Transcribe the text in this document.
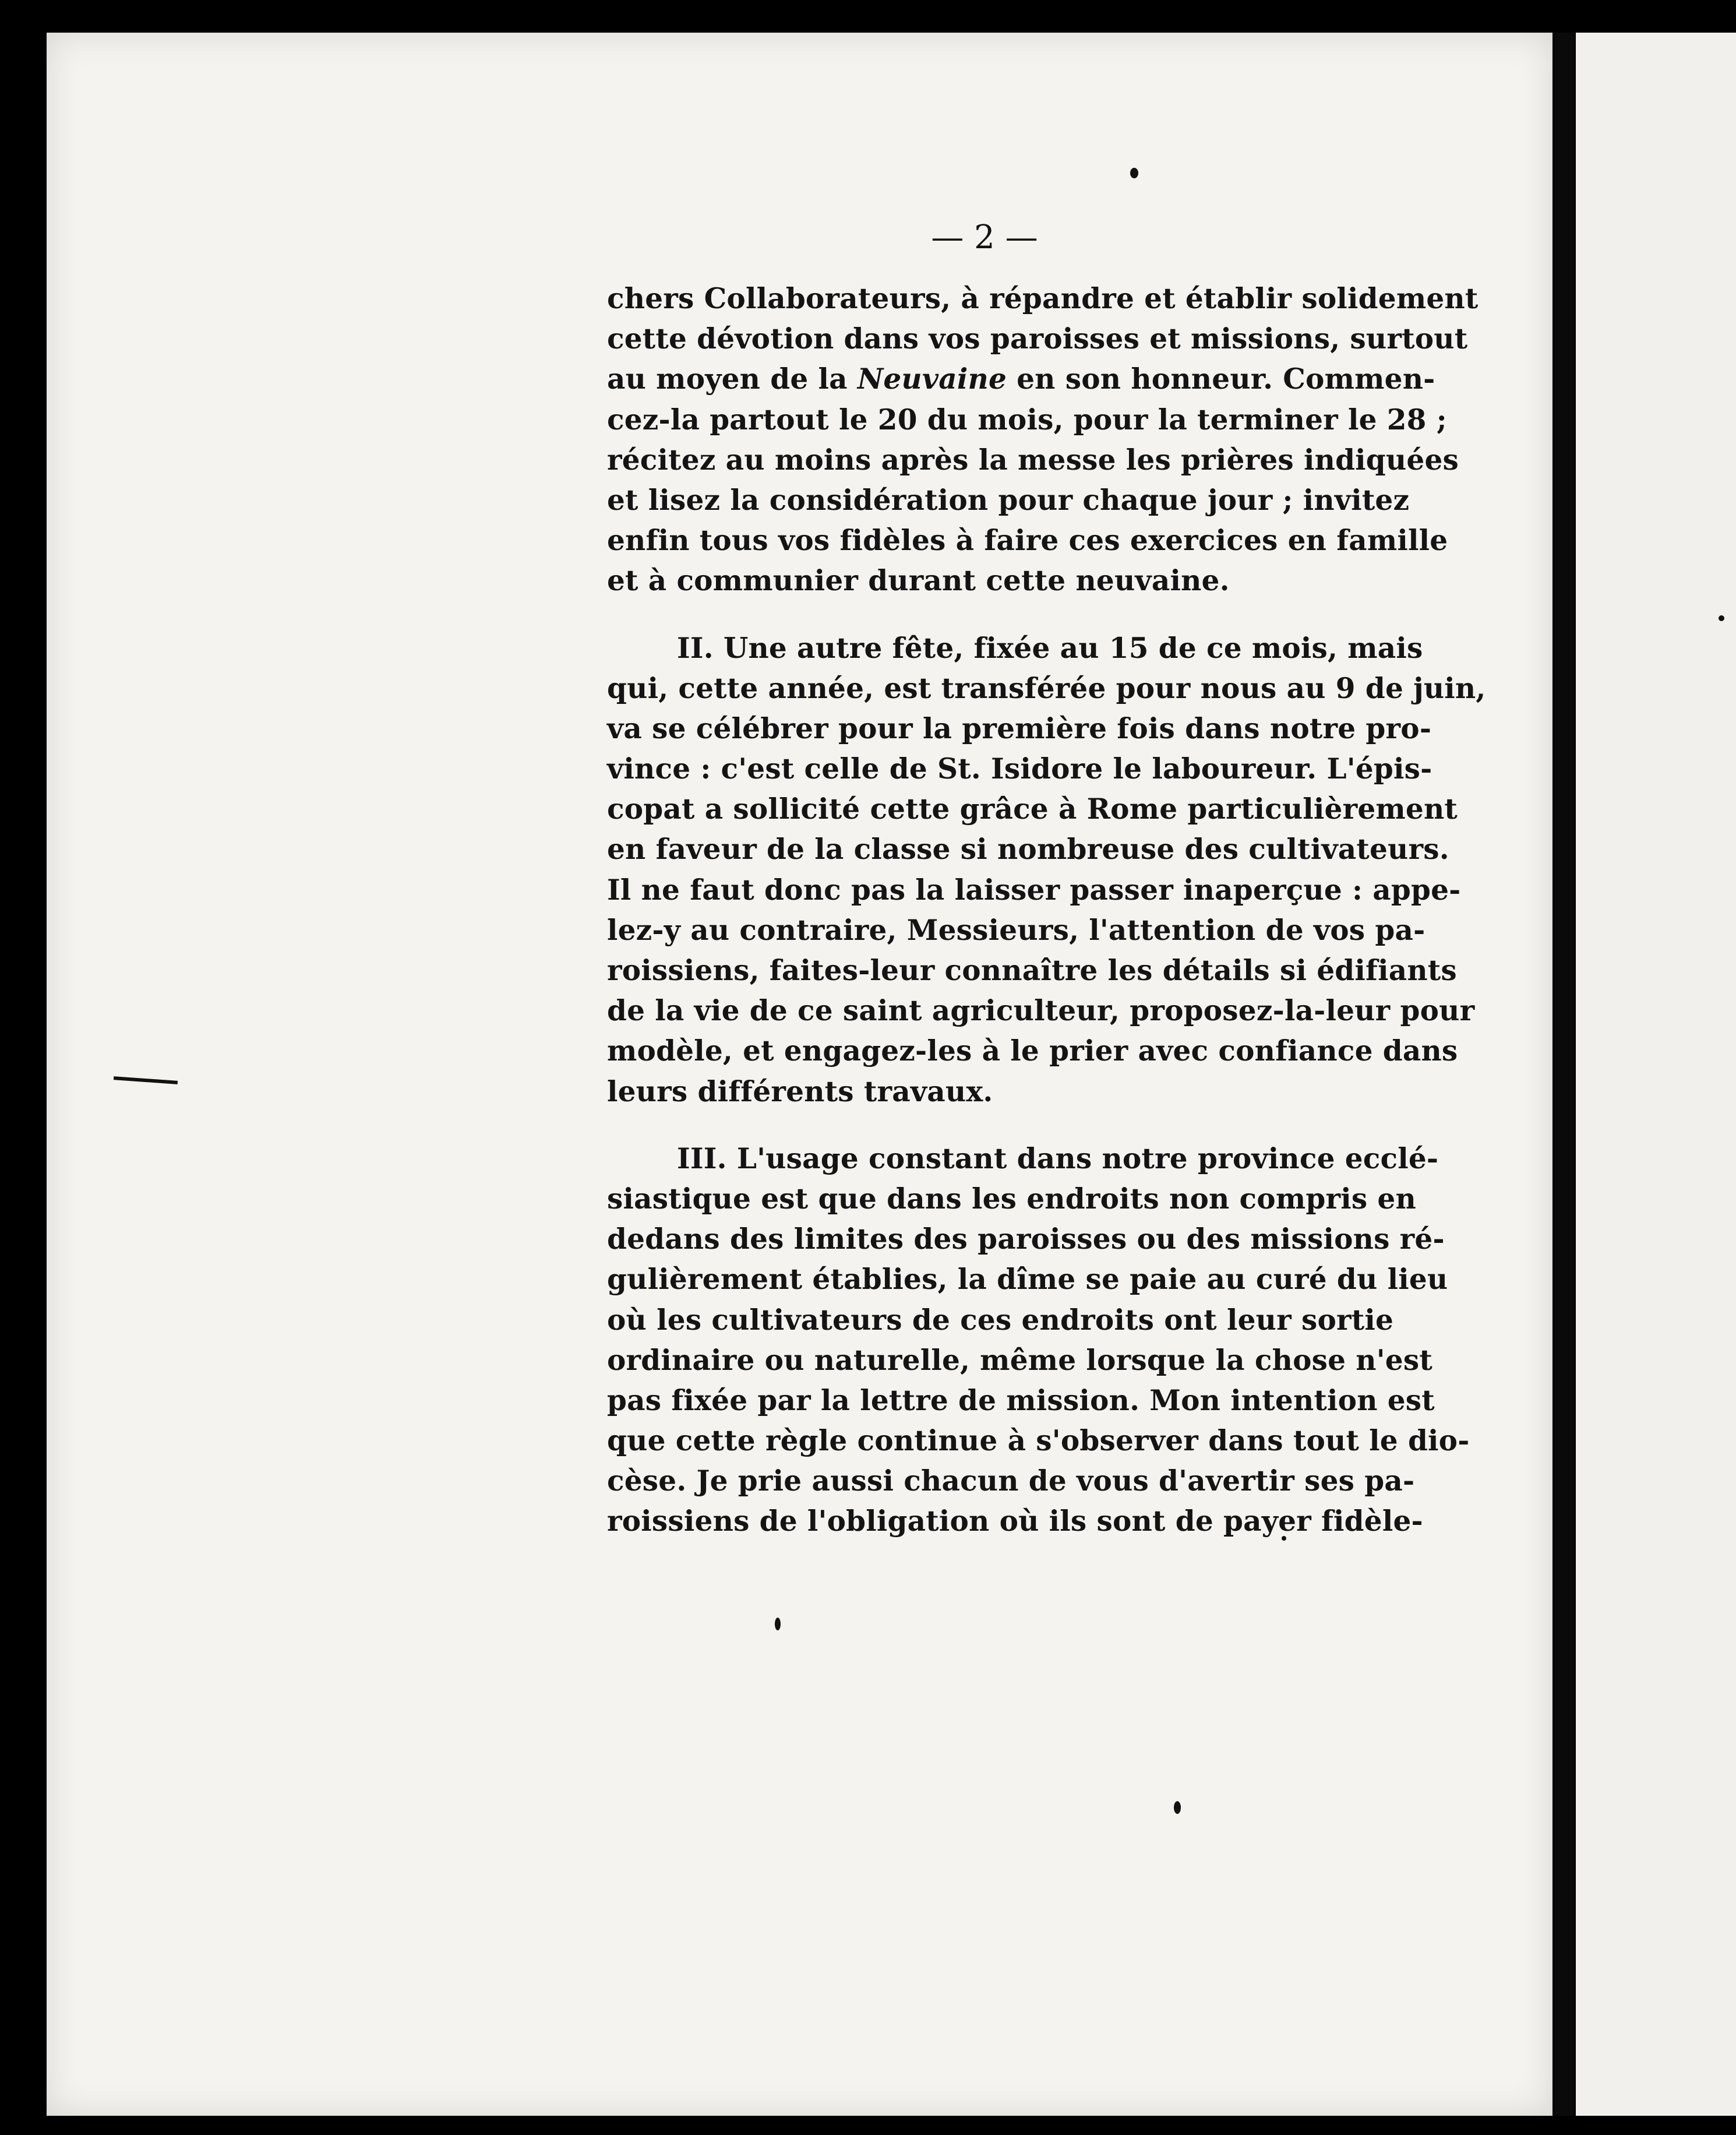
— 2 —
chers Collaborateurs, à répandre et établir solidement
cette dévotion dans vos paroisses et missions, surtout
au moyen de la Neuvaine en son honneur. Commen-
cez-la partout le 20 du mois, pour la terminer le 28 ;
récitez au moins après la messe les prières indiquées
et lisez la considération pour chaque jour ; invitez
enfin tous vos fidèles à faire ces exercices en famille
et à communier durant cette neuvaine.
II. Une autre fête, fixée au 15 de ce mois, mais
qui, cette année, est transférée pour nous au 9 de juin,
va se célébrer pour la première fois dans notre pro-
vince : c'est celle de St. Isidore le laboureur. L'épis-
copat a sollicité cette grâce à Rome particulièrement
en faveur de la classe si nombreuse des cultivateurs.
Il ne faut donc pas la laisser passer inaperçue : appe-
lez-y au contraire, Messieurs, l'attention de vos pa-
roissiens, faites-leur connaître les détails si édifiants
de la vie de ce saint agriculteur, proposez-la-leur pour
modèle, et engagez-les à le prier avec confiance dans
leurs différents travaux.
III. L'usage constant dans notre province ecclé-
siastique est que dans les endroits non compris en
dedans des limites des paroisses ou des missions ré-
gulièrement établies, la dîme se paie au curé du lieu
où les cultivateurs de ces endroits ont leur sortie
ordinaire ou naturelle, même lorsque la chose n'est
pas fixée par la lettre de mission. Mon intention est
que cette règle continue à s'observer dans tout le dio-
cèse. Je prie aussi chacun de vous d'avertir ses pa-
roissiens de l'obligation où ils sont de payer fidèle-
